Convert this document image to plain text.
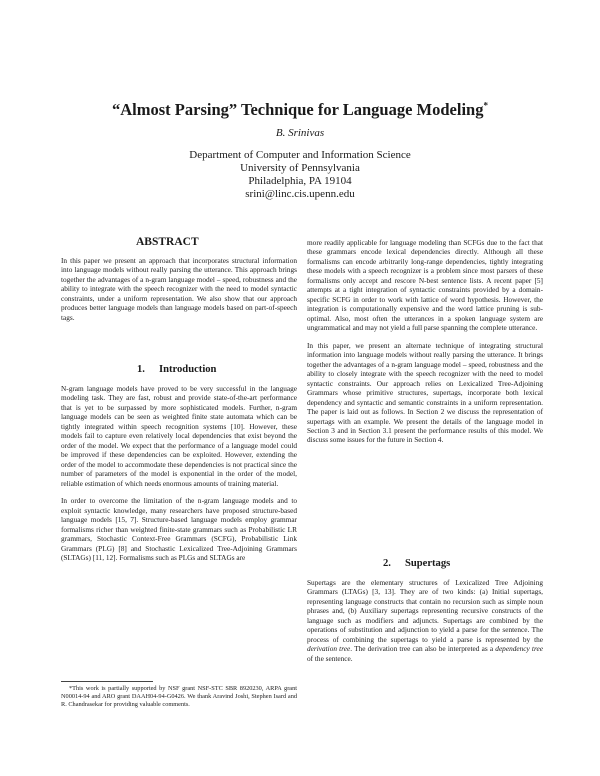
“Almost Parsing” Technique for Language Modeling*
B. Srinivas
Department of Computer and Information Science
University of Pennsylvania
Philadelphia, PA 19104
srini@linc.cis.upenn.edu
ABSTRACT

In this paper we present an approach that incorporates structural information into language models without really parsing the utterance. This approach brings together the advantages of a n-gram language model – speed, robustness and the ability to integrate with the speech recognizer with the need to model syntactic constraints, under a uniform representation. We also show that our approach produces better language models than language models based on part-of-speech tags.

1. Introduction

N-gram language models have proved to be very successful in the language modeling task. They are fast, robust and provide state-of-the-art performance that is yet to be surpassed by more sophisticated models. Further, n-gram language models can be seen as weighted finite state automata which can be tightly integrated within speech recognition systems [10]. However, these models fail to capture even relatively local dependencies that exist beyond the order of the model. We expect that the performance of a language model could be improved if these dependencies can be exploited. However, extending the order of the model to accommodate these dependencies is not practical since the number of parameters of the model is exponential in the order of the model, reliable estimation of which needs enormous amounts of training material.

In order to overcome the limitation of the n-gram language models and to exploit syntactic knowledge, many researchers have proposed structure-based language models [15, 7]. Structure-based language models employ grammar formalisms richer than weighted finite-state grammars such as Probabilistic LR grammars, Stochastic Context-Free Grammars (SCFG), Probabilistic Link Grammars (PLG) [8] and Stochastic Lexicalized Tree-Adjoining Grammars (SLTAGs) [11, 12]. Formalisms such as PLGs and SLTAGs are

*This work is partially supported by NSF grant NSF-STC SBR 8920230, ARPA grant N00014-94 and ARO grant DAAH04-94-G0426. We thank Aravind Joshi, Stephen Isard and R. Chandrasekar for providing valuable comments.

more readily applicable for language modeling than SCFGs due to the fact that these grammars encode lexical dependencies directly. Although all these formalisms can encode arbitrarily long-range dependencies, tightly integrating these models with a speech recognizer is a problem since most parsers of these formalisms only accept and rescore N-best sentence lists. A recent paper [5] attempts at a tight integration of syntactic constraints provided by a domain-specific SCFG in order to work with lattice of word hypothesis. However, the integration is computationally expensive and the word lattice pruning is sub-optimal. Also, most often the utterances in a spoken language system are ungrammatical and may not yield a full parse spanning the complete utterance.

In this paper, we present an alternate technique of integrating structural information into language models without really parsing the utterance. It brings together the advantages of a n-gram language model – speed, robustness and the ability to closely integrate with the speech recognizer with the need to model syntactic constraints. Our approach relies on Lexicalized Tree-Adjoining Grammars whose primitive structures, supertags, incorporate both lexical dependency and syntactic and semantic constraints in a uniform representation. The paper is laid out as follows. In Section 2 we discuss the representation of supertags with an example. We present the details of the language model in Section 3 and in Section 3.1 present the performance results of this model. We discuss some issues for the future in Section 4.

2. Supertags

Supertags are the elementary structures of Lexicalized Tree Adjoining Grammars (LTAGs) [3, 13]. They are of two kinds: (a) Initial supertags, representing language constructs that contain no recursion such as simple noun phrases and, (b) Auxiliary supertags representing recursive constructs of the language such as modifiers and adjuncts. Supertags are combined by the operations of substitution and adjunction to yield a parse for the sentence. The process of combining the supertags to yield a parse is represented by the derivation tree. The derivation tree can also be interpreted as a dependency tree of the sentence.
